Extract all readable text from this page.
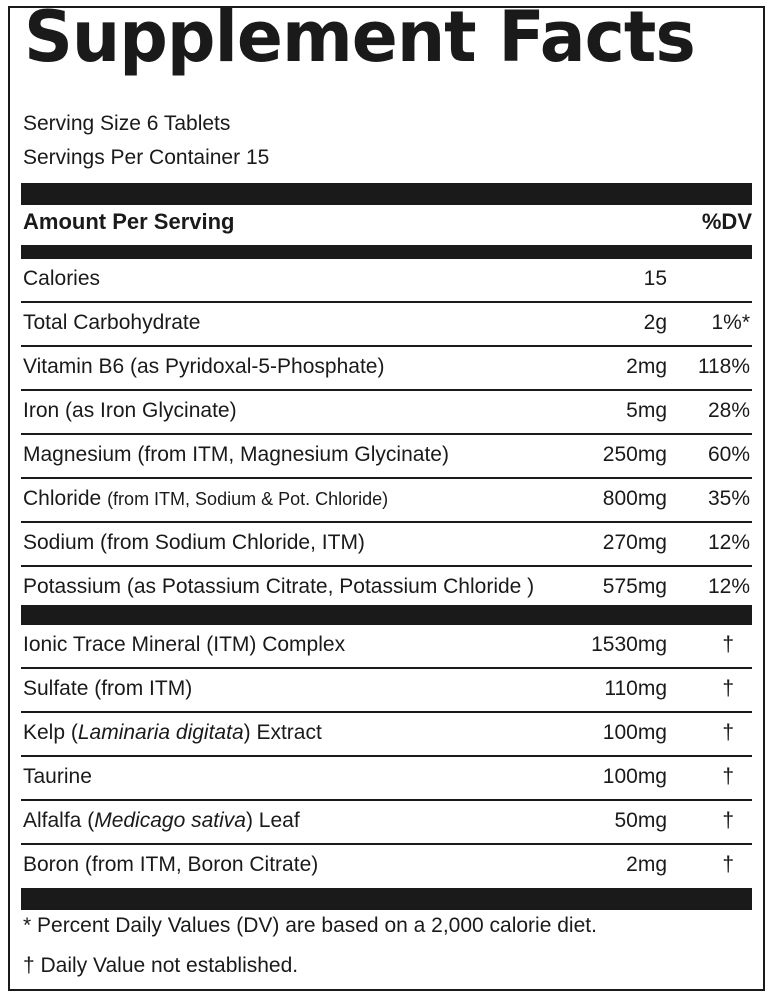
Supplement Facts
Serving Size 6 Tablets
Servings Per Container 15
Amount Per Serving	%DV
Calories	15
Total Carbohydrate	2g 1%*
Vitamin B6 (as Pyridoxal-5-Phosphate)	2mg 118%
Iron (as Iron Glycinate)	5mg 28%
Magnesium (from ITM, Magnesium Glycinate)	250mg 60%
Chloride (from ITM, Sodium & Pot. Chloride)	800mg 35%
Sodium (from Sodium Chloride, ITM)	270mg 12%
Potassium (as Potassium Citrate, Potassium Chloride )	575mg 12%
Ionic Trace Mineral (ITM) Complex	1530mg	†
Sulfate (from ITM)	110mg	†
Kelp (Laminaria digitata) Extract	100mg	†
Taurine	100mg	†
Alfalfa (Medicago sativa) Leaf	50mg	†
Boron (from ITM, Boron Citrate)	2mg	†
* Percent Daily Values (DV) are based on a 2,000 calorie diet.
† Daily Value not established.
